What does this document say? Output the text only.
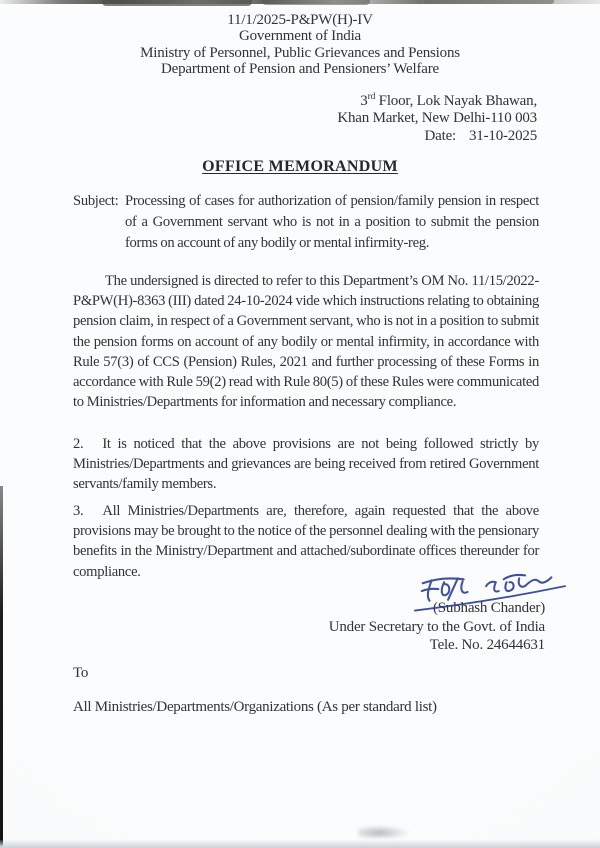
11/1/2025-P&PW(H)-IV
Government of India
Ministry of Personnel, Public Grievances and Pensions
Department of Pension and Pensioners’ Welfare
3rd Floor, Lok Nayak Bhawan,
Khan Market, New Delhi-110 003
Date: 31-10-2025
OFFICE MEMORANDUM
Subject: Processing of cases for authorization of pension/family pension in respect of a Government servant who is not in a position to submit the pension forms on account of any bodily or mental infirmity-reg.

The undersigned is directed to refer to this Department’s OM No. 11/15/2022-P&PW(H)-8363 (III) dated 24-10-2024 vide which instructions relating to obtaining pension claim, in respect of a Government servant, who is not in a position to submit the pension forms on account of any bodily or mental infirmity, in accordance with Rule 57(3) of CCS (Pension) Rules, 2021 and further processing of these Forms in accordance with Rule 59(2) read with Rule 80(5) of these Rules were communicated to Ministries/Departments for information and necessary compliance.

2. It is noticed that the above provisions are not being followed strictly by Ministries/Departments and grievances are being received from retired Government servants/family members.

3. All Ministries/Departments are, therefore, again requested that the above provisions may be brought to the notice of the personnel dealing with the pensionary benefits in the Ministry/Department and attached/subordinate offices thereunder for compliance.

(Subhash Chander)
Under Secretary to the Govt. of India
Tele. No. 24644631
To
All Ministries/Departments/Organizations (As per standard list)
